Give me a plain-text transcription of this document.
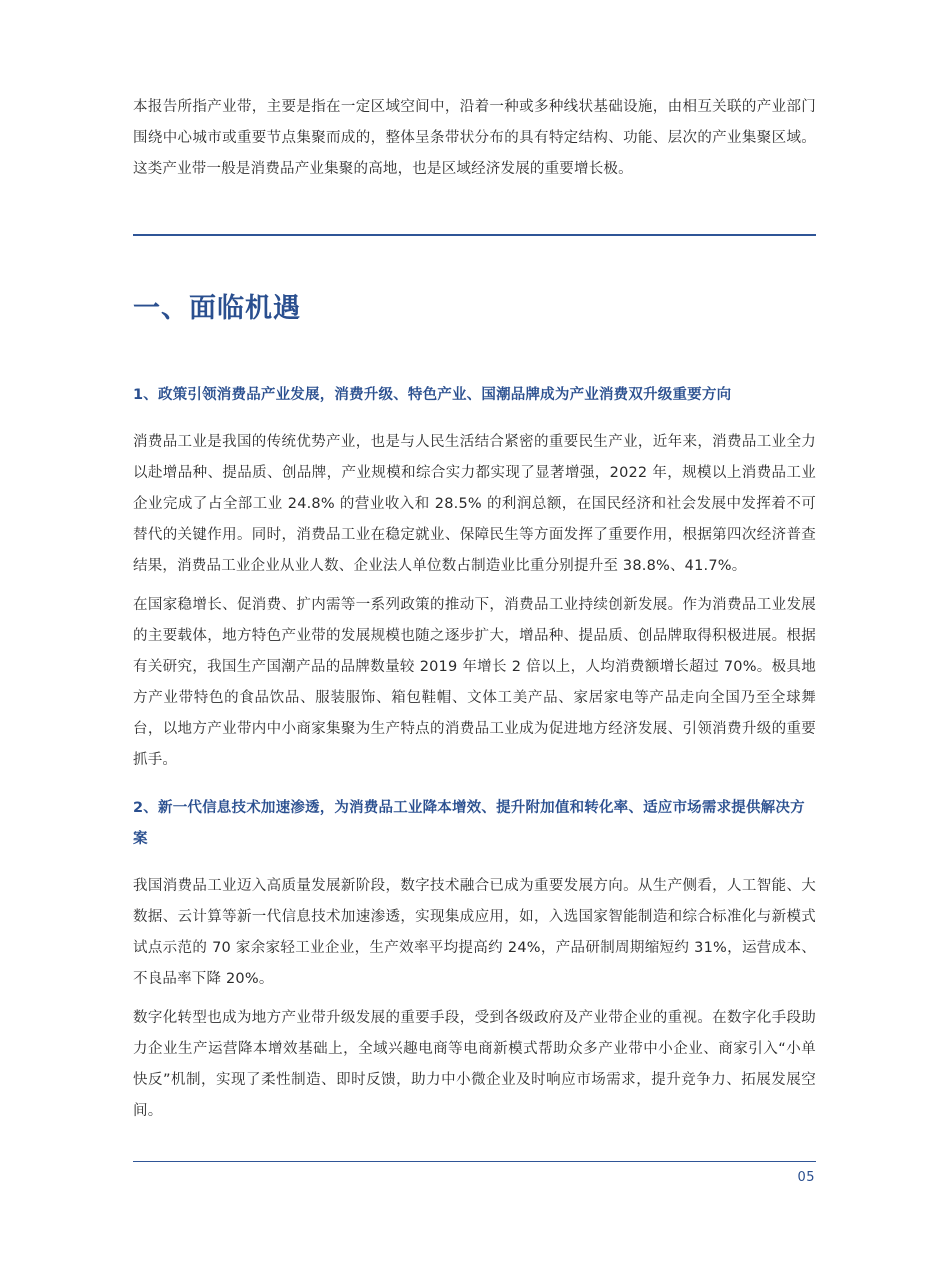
本报告所指产业带，主要是指在一定区域空间中，沿着一种或多种线状基础设施，由相互关联的产业部门围绕中心城市或重要节点集聚而成的，整体呈条带状分布的具有特定结构、功能、层次的产业集聚区域。这类产业带一般是消费品产业集聚的高地，也是区域经济发展的重要增长极。

一、面临机遇
1、政策引领消费品产业发展，消费升级、特色产业、国潮品牌成为产业消费双升级重要方向

消费品工业是我国的传统优势产业，也是与人民生活结合紧密的重要民生产业，近年来，消费品工业全力以赴增品种、提品质、创品牌，产业规模和综合实力都实现了显著增强，2022 年，规模以上消费品工业企业完成了占全部工业 24.8% 的营业收入和 28.5% 的利润总额，在国民经济和社会发展中发挥着不可替代的关键作用。同时，消费品工业在稳定就业、保障民生等方面发挥了重要作用，根据第四次经济普查结果，消费品工业企业从业人数、企业法人单位数占制造业比重分别提升至 38.8%、41.7%。

在国家稳增长、促消费、扩内需等一系列政策的推动下，消费品工业持续创新发展。作为消费品工业发展的主要载体，地方特色产业带的发展规模也随之逐步扩大，增品种、提品质、创品牌取得积极进展。根据有关研究，我国生产国潮产品的品牌数量较 2019 年增长 2 倍以上，人均消费额增长超过 70%。极具地方产业带特色的食品饮品、服装服饰、箱包鞋帽、文体工美产品、家居家电等产品走向全国乃至全球舞台，以地方产业带内中小商家集聚为生产特点的消费品工业成为促进地方经济发展、引领消费升级的重要抓手。

2、新一代信息技术加速渗透，为消费品工业降本增效、提升附加值和转化率、适应市场需求提供解决方案

我国消费品工业迈入高质量发展新阶段，数字技术融合已成为重要发展方向。从生产侧看，人工智能、大数据、云计算等新一代信息技术加速渗透，实现集成应用，如，入选国家智能制造和综合标准化与新模式试点示范的 70 家余家轻工业企业，生产效率平均提高约 24%，产品研制周期缩短约 31%，运营成本、不良品率下降 20%。

数字化转型也成为地方产业带升级发展的重要手段，受到各级政府及产业带企业的重视。在数字化手段助力企业生产运营降本增效基础上，全域兴趣电商等电商新模式帮助众多产业带中小企业、商家引入“小单快反”机制，实现了柔性制造、即时反馈，助力中小微企业及时响应市场需求，提升竞争力、拓展发展空间。

05
